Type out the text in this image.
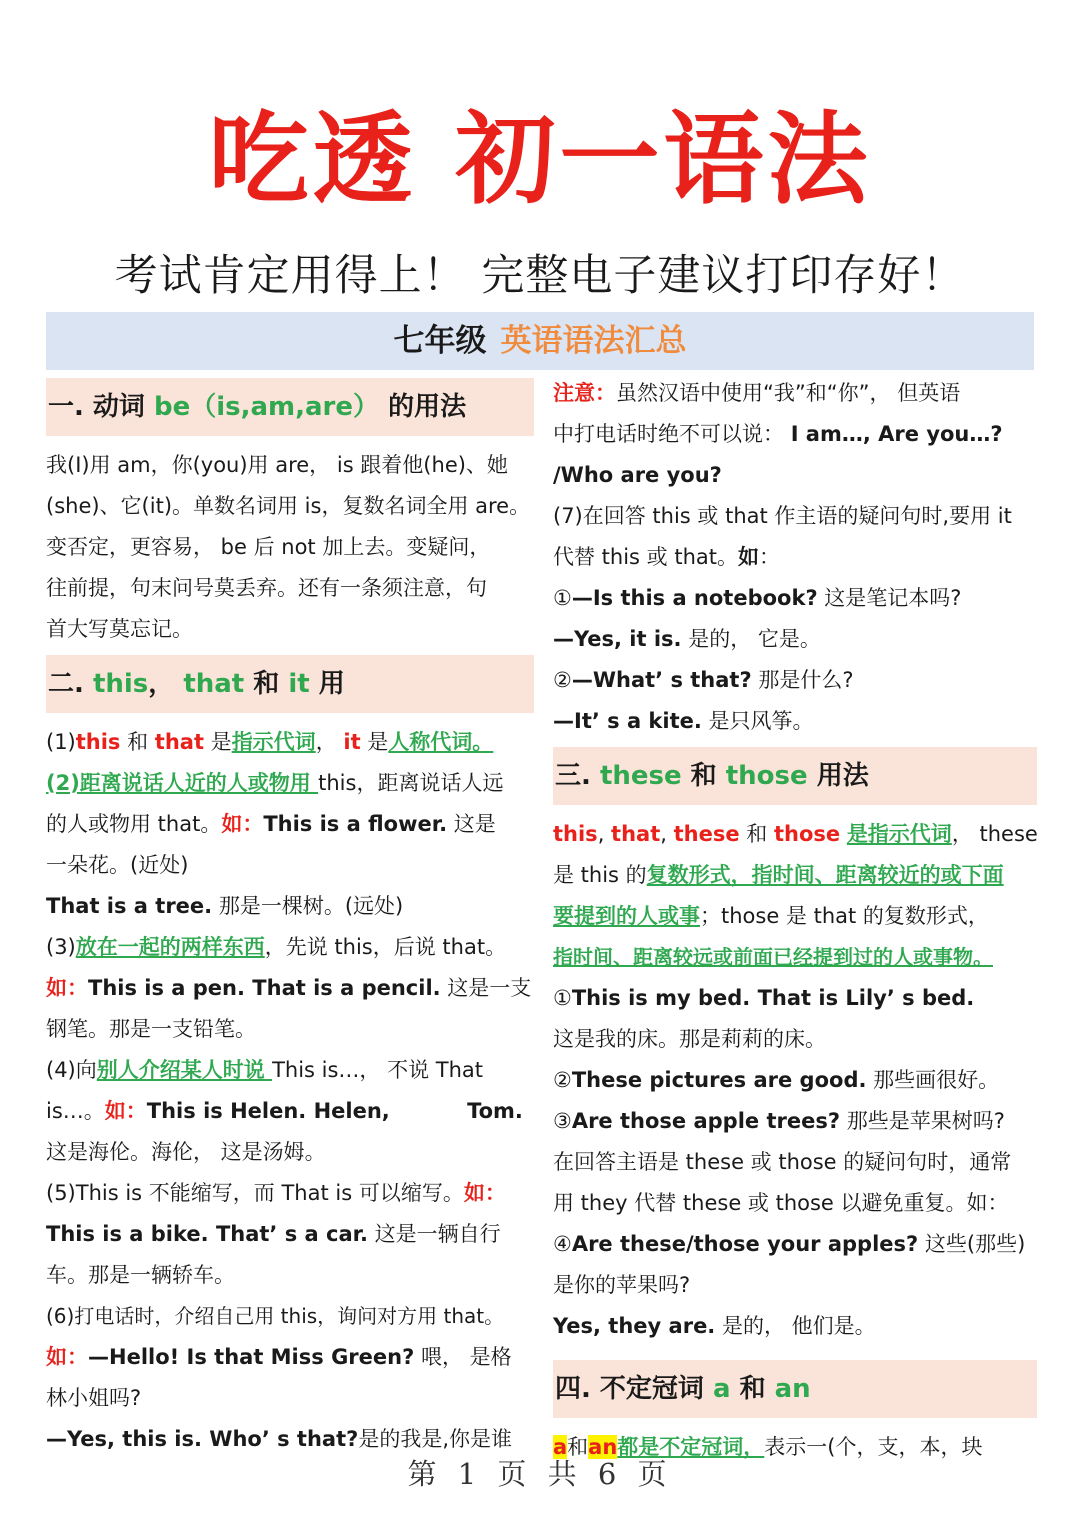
吃透 初一语法
考试肯定用得上！ 完整电子建议打印存好！
七年级 英语语法汇总
一. 动词 be（is,am,are） 的用法
我(I)用 am，你(you)用 are， is 跟着他(he)、她
(she)、它(it)。单数名词用 is，复数名词全用 are。
变否定，更容易， be 后 not 加上去。变疑问，
往前提，句末问号莫丢弃。还有一条须注意，句
首大写莫忘记。
二. this， that 和 it 用
(1)this 和 that 是指示代词， it 是人称代词。
(2)距离说话人近的人或物用 this，距离说话人远
的人或物用 that。如：This is a flower. 这是
一朵花。(近处)
That is a tree. 那是一棵树。(远处)
(3)放在一起的两样东西，先说 this，后说 that。
如：This is a pen. That is a pencil. 这是一支
钢笔。那是一支铅笔。
(4)向别人介绍某人时说 This is…， 不说 That
is…。如：This is Helen. Helen,	Tom.
这是海伦。海伦， 这是汤姆。
(5)This is 不能缩写，而 That is 可以缩写。如：
This is a bike. That’ s a car. 这是一辆自行
车。那是一辆轿车。
(6)打电话时，介绍自己用 this，询问对方用 that。
如：—Hello! Is that Miss Green? 喂， 是格
林小姐吗?
—Yes, this is. Who’ s that?是的我是,你是谁
注意：虽然汉语中使用“我”和“你”， 但英语
中打电话时绝不可以说： I am…, Are you…?
/Who are you?
(7)在回答 this 或 that 作主语的疑问句时,要用 it
代替 this 或 that。如：
①—Is this a notebook? 这是笔记本吗?
—Yes, it is. 是的， 它是。
②—What’ s that? 那是什么?
—It’ s a kite. 是只风筝。
三. these 和 those 用法
this, that, these 和 those 是指示代词， these
是 this 的复数形式，指时间、距离较近的或下面
要提到的人或事；those 是 that 的复数形式，
指时间、距离较远或前面已经提到过的人或事物。
①This is my bed. That is Lily’ s bed.
这是我的床。那是莉莉的床。
②These pictures are good. 那些画很好。
③Are those apple trees? 那些是苹果树吗?
在回答主语是 these 或 those 的疑问句时，通常
用 they 代替 these 或 those 以避免重复。如：
④Are these/those your apples? 这些(那些)
是你的苹果吗?
Yes, they are. 是的， 他们是。
四. 不定冠词 a 和 an
a和an都是不定冠词，表示一(个，支，本，块
第 1 页 共 6 页
